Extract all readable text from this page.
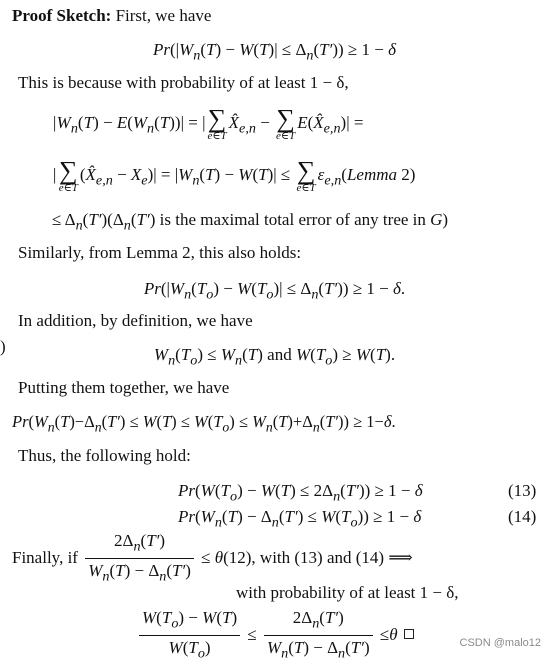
Proof Sketch: First, we have
$Pr(|W_n(T) - W(T)| \le \Delta_n(T')) \ge 1 - \delta$
This is because with probability of at least 1 − δ,
$|W_n(T) - E(W_n(T))|$ = | ∑
e∈T
$X̂_{e,n}$ − ∑
e∈T
$E(X̂_{e,n})|$ =
| ∑
e∈T
$(X̂_{e,n} - X_e)| = |W_n(T) - W(T)|$ ≤ ∑
e∈T
$\varepsilon_{e,n}(Lemma$ 2)
≤ $\Delta_n(T')(\Delta_n(T')$ is the maximal total error of any tree in G)
Similarly, from Lemma 2, this also holds:
$Pr(|W_n(T_o) - W(T_o)| \le \Delta_n(T')) \ge 1 - \delta$.
In addition, by definition, we have
)	$W_n(T_o) \le W_n(T)$ and $W(T_o) \ge W(T)$.
Putting them together, we have
$Pr(W_n(T)-\Delta_n(T') \le W(T) \le W(T_o) \le W_n(T)+\Delta_n(T')) \ge 1-\delta$.
Thus, the following hold:
$Pr(W(T_o) - W(T) \le 2\Delta_n(T')) \ge 1 - \delta$	(13)
$Pr(W_n(T) - \Delta_n(T') \le W(T_o)) \ge 1 - \delta$	(14)
Finally, if $\frac{2\Delta_n(T')}{W_n(T) - \Delta_n(T')} \le \theta(12)$, with (13) and (14) ⟹
with probability of at least 1 − δ,
$\frac{W(T_o) - W(T)}{W(T_o)} \le \frac{2\Delta_n(T')}{W_n(T) - \Delta_n(T')} \le\theta$	CSDN @malo12
